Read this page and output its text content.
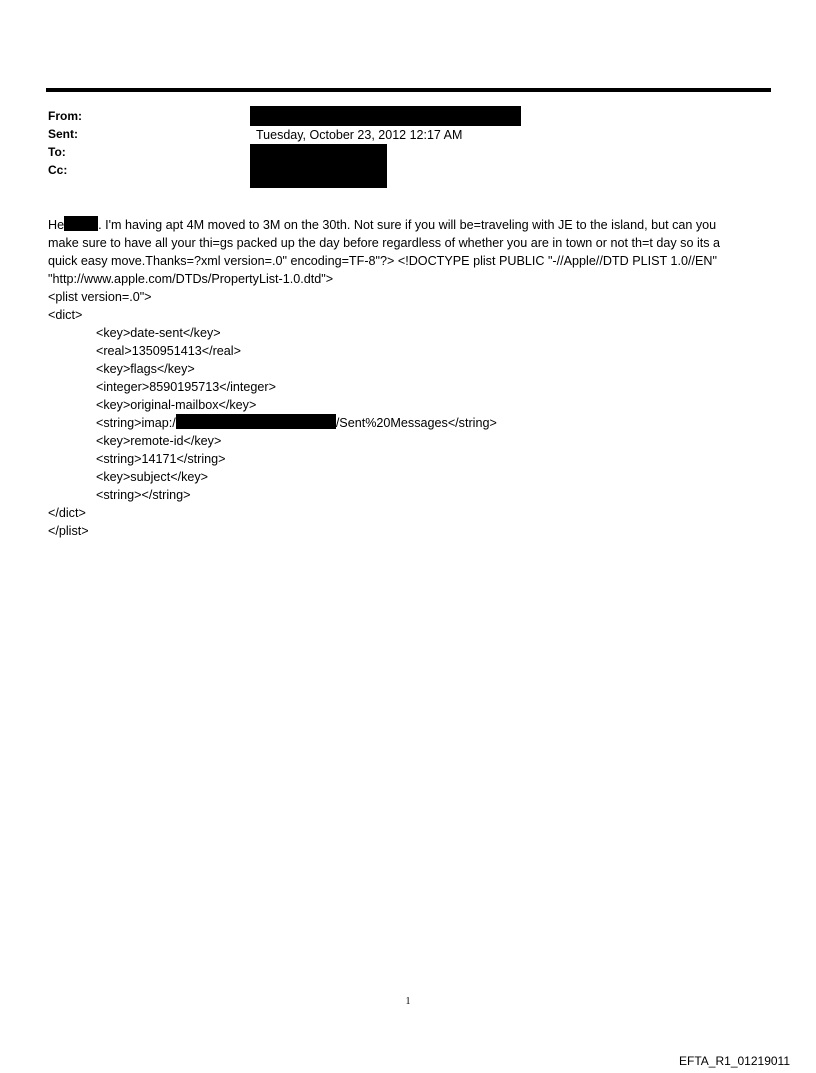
From:
Sent:
To:
Cc:
Tuesday, October 23, 2012 12:17 AM
He	. I'm having apt 4M moved to 3M on the 30th. Not sure if you will be=traveling with JE to the island, but can you
make sure to have all your thi=gs packed up the day before regardless of whether you are in town or not th=t day so its a
quick easy move.Thanks=?xml version=.0" encoding=TF-8"?> <!DOCTYPE plist PUBLIC "-//Apple//DTD PLIST 1.0//EN"
"http://www.apple.com/DTDs/PropertyList-1.0.dtd">
<plist version=.0">
<dict>
<key>date-sent</key>
<real>1350951413</real>
<key>flags</key>
<integer>8590195713</integer>
<key>original-mailbox</key>
<string>imap:/	/Sent%20Messages</string>
<key>remote-id</key>
<string>14171</string>
<key>subject</key>
<string></string>
</dict>
</plist>
1
EFTA_R1_01219011
